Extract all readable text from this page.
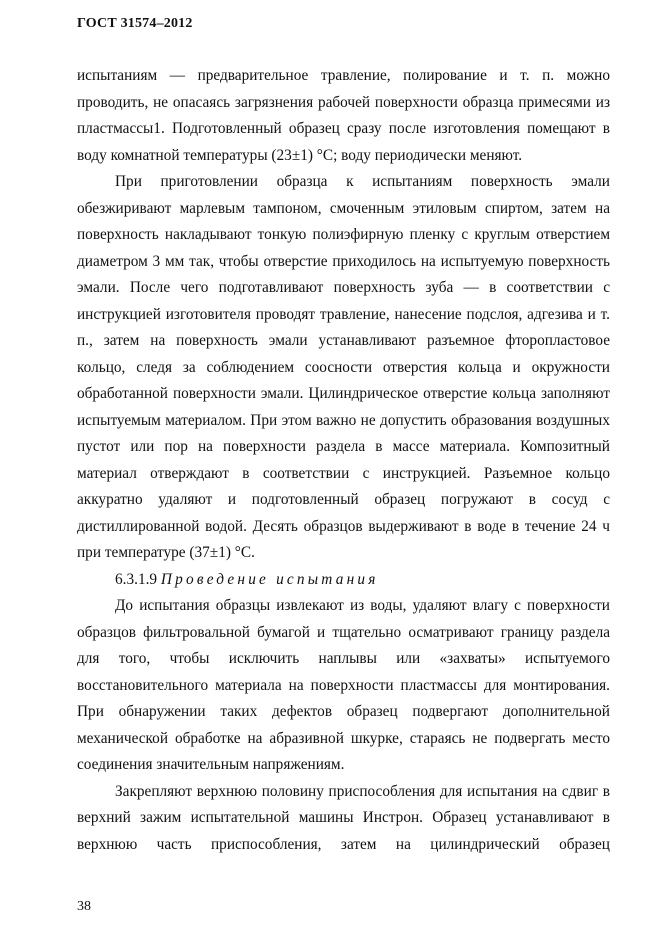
ГОСТ 31574–2012

испытаниям — предварительное травление, полирование и т. п. можно проводить, не опасаясь загрязнения рабочей поверхности образца примесями из пластмассы1. Подготовленный образец сразу после изготовления помещают в воду комнатной температуры (23±1) °С; воду периодически меняют.

При приготовлении образца к испытаниям поверхность эмали обезжиривают марлевым тампоном, смоченным этиловым спиртом, затем на поверхность накладывают тонкую полиэфирную пленку с круглым отверстием диаметром 3 мм так, чтобы отверстие приходилось на испытуемую поверхность эмали. После чего подготавливают поверхность зуба — в соответствии с инструкцией изготовителя проводят травление, нанесение подслоя, адгезива и т. п., затем на поверхность эмали устанавливают разъемное фторопластовое кольцо, следя за соблюдением соосности отверстия кольца и окружности обработанной поверхности эмали. Цилиндрическое отверстие кольца заполняют испытуемым материалом. При этом важно не допустить образования воздушных пустот или пор на поверхности раздела в массе материала. Композитный материал отверждают в соответствии с инструкцией. Разъемное кольцо аккуратно удаляют и подготовленный образец погружают в сосуд с дистиллированной водой. Десять образцов выдерживают в воде в течение 24 ч при температуре (37±1) °С.

6.3.1.9 Проведение испытания

До испытания образцы извлекают из воды, удаляют влагу с поверхности образцов фильтровальной бумагой и тщательно осматривают границу раздела для того, чтобы исключить наплывы или «захваты» испытуемого восстановительного материала на поверхности пластмассы для монтирования. При обнаружении таких дефектов образец подвергают дополнительной механической обработке на абразивной шкурке, стараясь не подвергать место соединения значительным напряжениям.

Закрепляют верхнюю половину приспособления для испытания на сдвиг в верхний зажим испытательной машины Инстрон. Образец устанавливают в верхнюю часть приспособления, затем на цилиндрический образец

38
